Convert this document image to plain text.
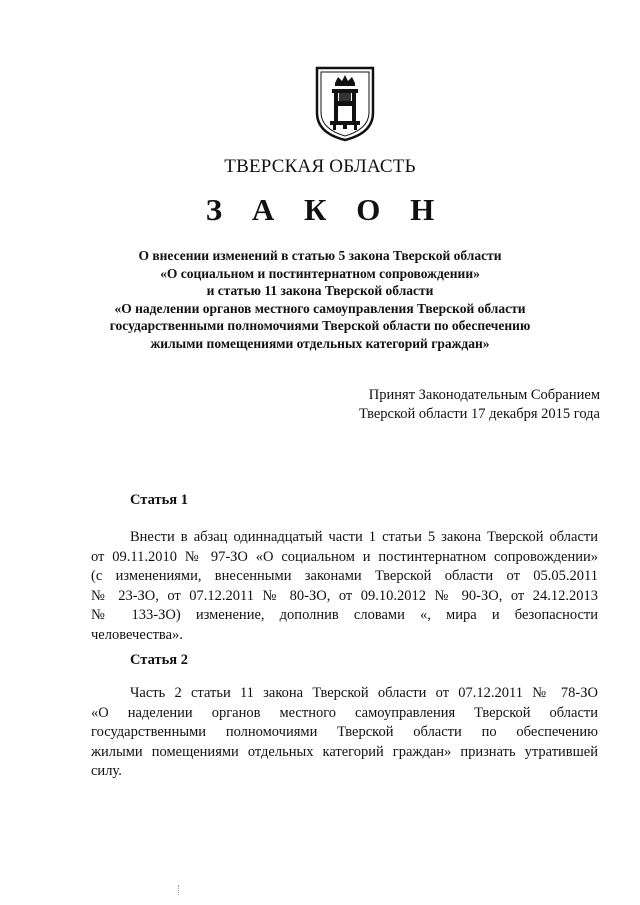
ТВЕРСКАЯ ОБЛАСТЬ
З А К О Н
О внесении изменений в статью 5 закона Тверской области
«О социальном и постинтернатном сопровождении»
и статью 11 закона Тверской области
«О наделении органов местного самоуправления Тверской области
государственными полномочиями Тверской области по обеспечению
жилыми помещениями отдельных категорий граждан»
Принят Законодательным Собранием
Тверской области 17 декабря 2015 года
Статья 1
Внести в абзац одиннадцатый части 1 статьи 5 закона Тверской области
от 09.11.2010 № 97-ЗО «О социальном и постинтернатном сопровождении»
(с изменениями, внесенными законами Тверской области от 05.05.2011
№ 23-ЗО, от 07.12.2011 № 80-ЗО, от 09.10.2012 № 90-ЗО, от 24.12.2013
№ 133-ЗО) изменение, дополнив словами «, мира и безопасности
человечества».
Статья 2
Часть 2 статьи 11 закона Тверской области от 07.12.2011 № 78-ЗО
«О наделении органов местного самоуправления Тверской области
государственными полномочиями Тверской области по обеспечению
жилыми помещениями отдельных категорий граждан» признать утратившей
силу.
